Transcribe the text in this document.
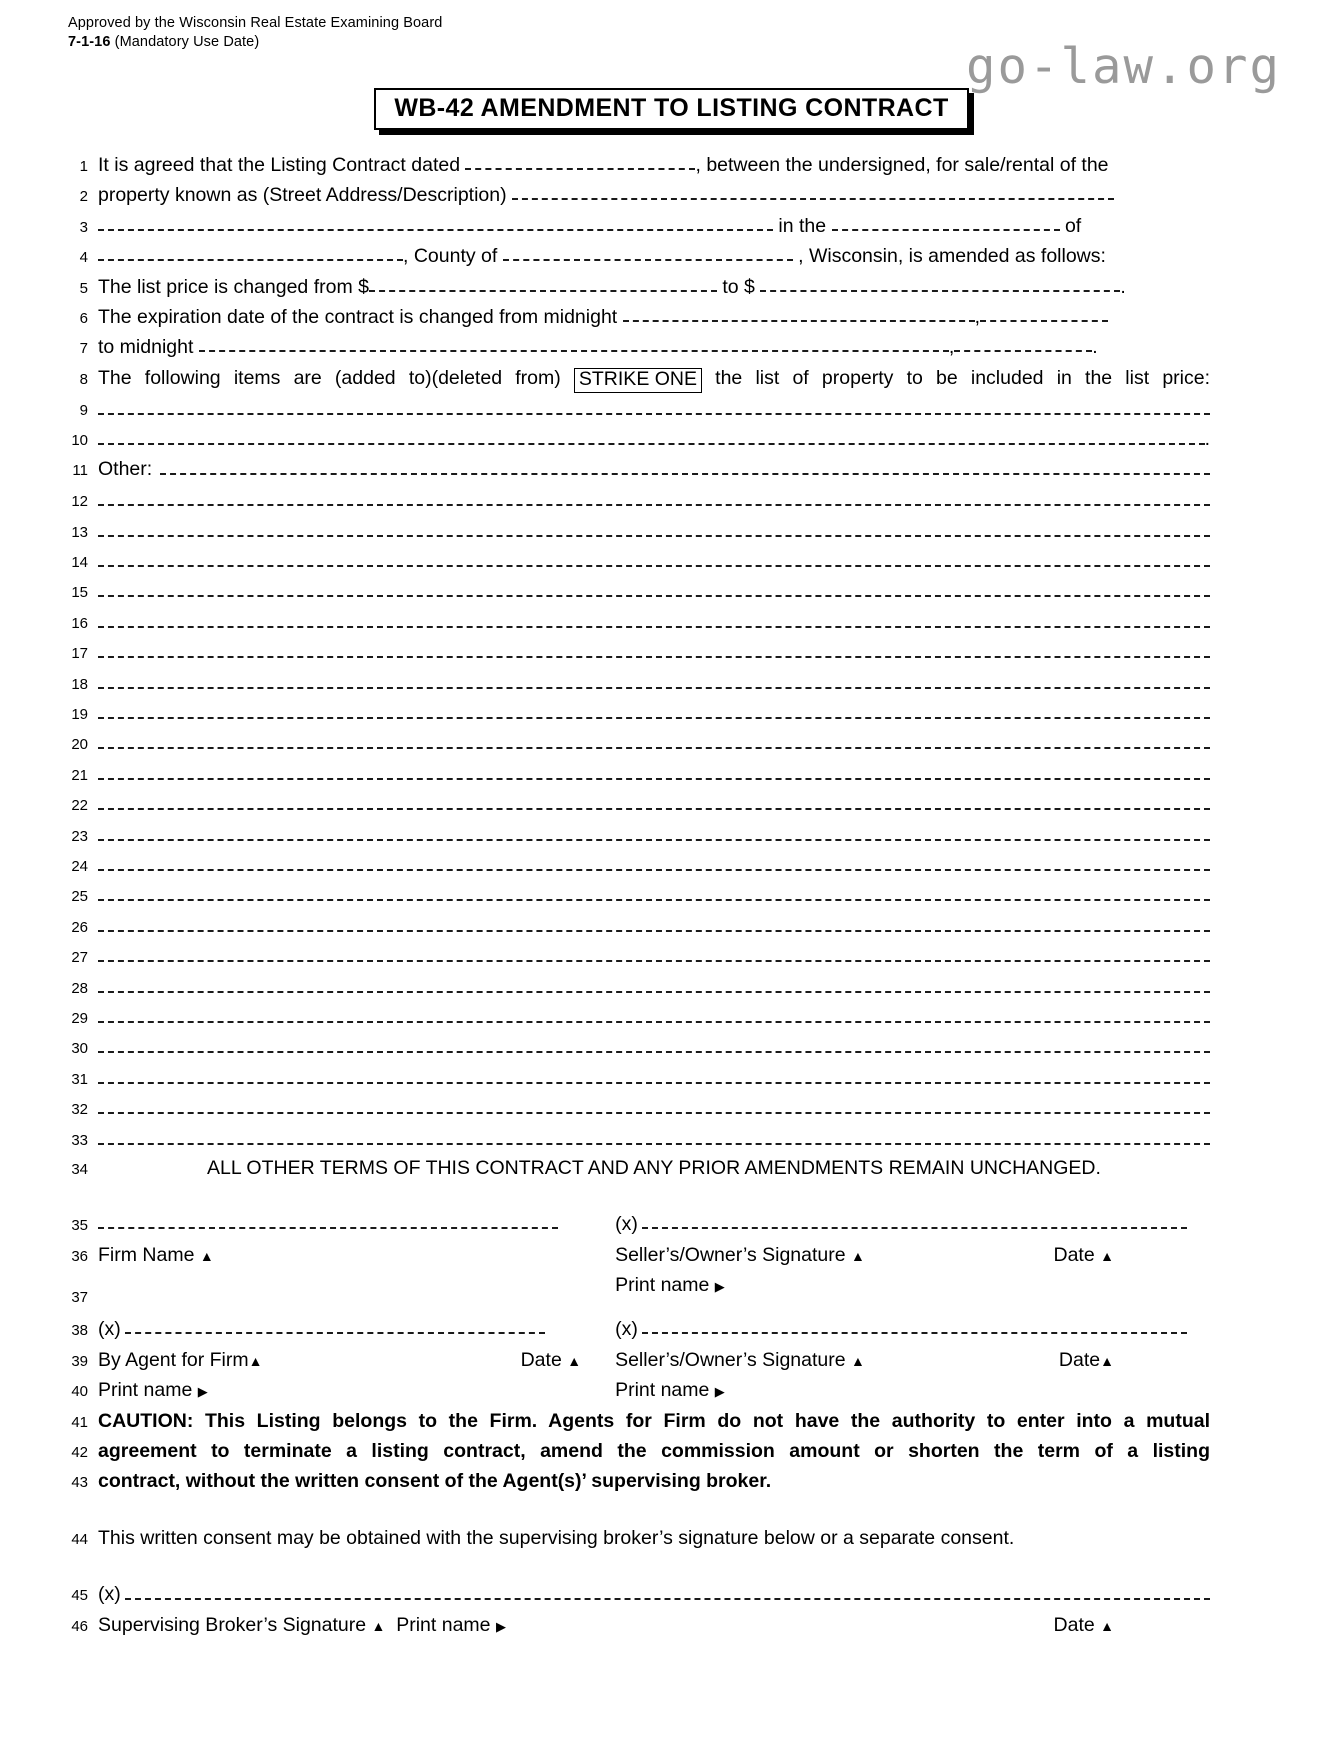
Approved by the Wisconsin Real Estate Examining Board
7-1-16 (Mandatory Use Date)	go-law.org
WB-42 AMENDMENT TO LISTING CONTRACT
1 It is agreed that the Listing Contract dated	, between the undersigned, for sale/rental of the
2 property known as (Street Address/Description)
3	in the	of
4	, County of	, Wisconsin, is amended as follows:
5 The list price is changed from $	to $	.
6 The expiration date of the contract is changed from midnight	,
7 to midnight	,	.
8 The following items are (added to)(deleted from) STRIKE ONE the list of property to be included in the list price:
9
10	.
11 Other:
12
13
14
15
16
17
18
19
20
21
22
23
24
25
26
27
28
29
30
31
32
33
34	ALL OTHER TERMS OF THIS CONTRACT AND ANY PRIOR AMENDMENTS REMAIN UNCHANGED.
35	(x)
36 Firm Name ▲	Seller’s/Owner’s Signature ▲	Date ▲
37
Print name ▶
38 (x)	(x)
39 By Agent for Firm ▲	Date ▲	Seller’s/Owner’s Signature ▲	Date ▲
40 Print name ▶	Print name ▶
41 CAUTION: This Listing belongs to the Firm. Agents for Firm do not have the authority to enter into a mutual
42 agreement to terminate a listing contract, amend the commission amount or shorten the term of a listing
43 contract, without the written consent of the Agent(s)’ supervising broker.
44 This written consent may be obtained with the supervising broker’s signature below or a separate consent.
45 (x)
46 Supervising Broker’s Signature ▲ Print name ▶	Date ▲
